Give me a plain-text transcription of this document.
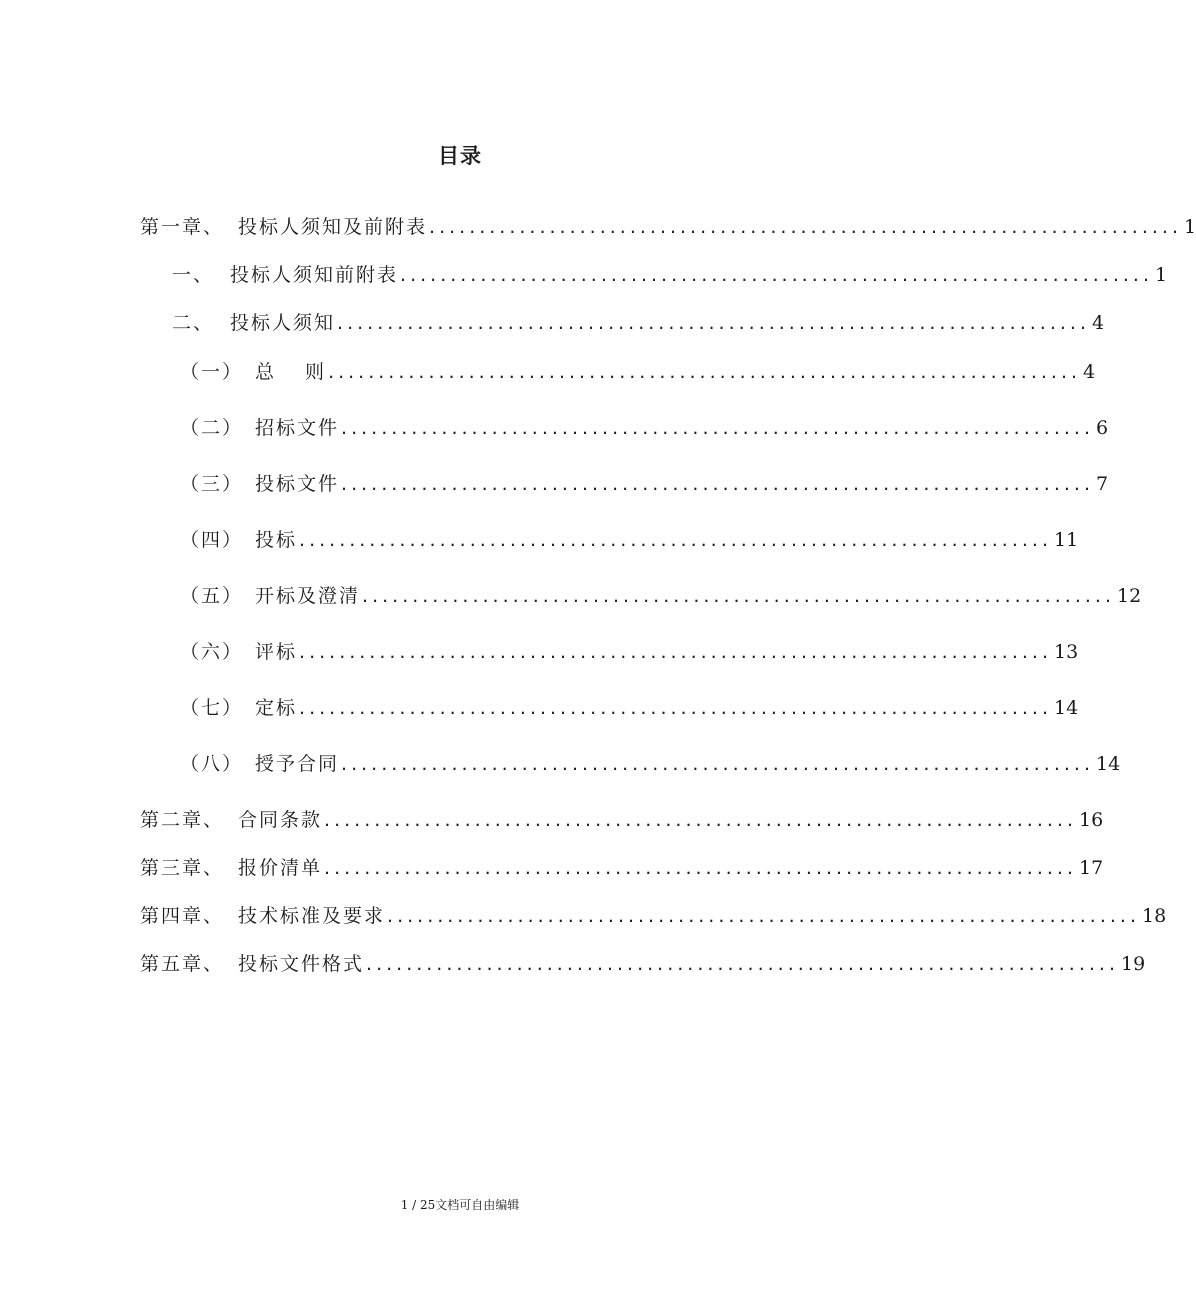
目录
第一章、 投标人须知及前附表 ........................................................................... 1
一、 投标人须知前附表 ........................................................................... 1
二、 投标人须知 ........................................................................... 4
（一） 总　 则 ........................................................................... 4
（二） 招标文件 ........................................................................... 6
（三） 投标文件 ........................................................................... 7
（四） 投标 ........................................................................... 11
（五） 开标及澄清 ........................................................................... 12
（六） 评标 ........................................................................... 13
（七） 定标 ........................................................................... 14
（八） 授予合同 ........................................................................... 14
第二章、 合同条款 ........................................................................... 16
第三章、 报价清单 ........................................................................... 17
第四章、 技术标准及要求 ........................................................................... 18
第五章、 投标文件格式 ........................................................................... 19
1 / 25文档可自由编辑
